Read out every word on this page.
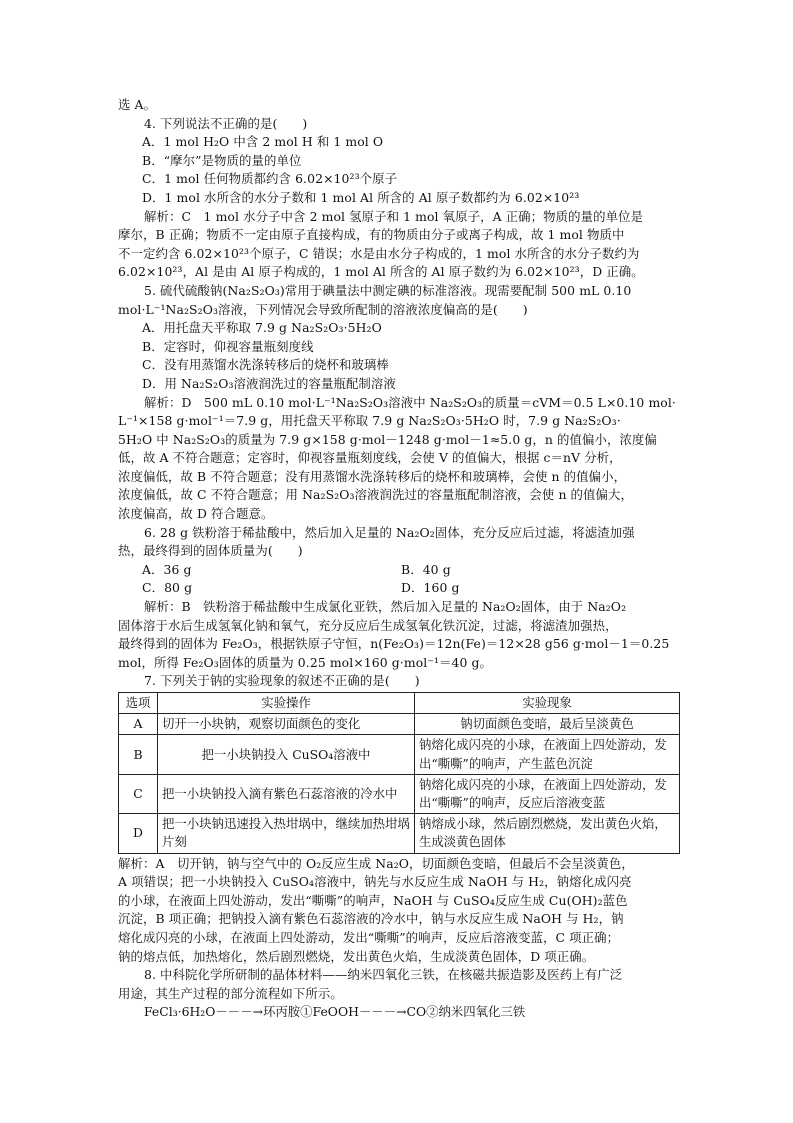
选 A。
4. 下列说法不正确的是(　　)
A．1 mol H₂O 中含 2 mol H 和 1 mol O
B．“摩尔”是物质的量的单位
C．1 mol 任何物质都约含 6.02×10²³个原子
D．1 mol 水所含的水分子数和 1 mol Al 所含的 Al 原子数都约为 6.02×10²³
解析：C　1 mol 水分子中含 2 mol 氢原子和 1 mol 氧原子，A 正确；物质的量的单位是
摩尔，B 正确；物质不一定由原子直接构成，有的物质由分子或离子构成，故 1 mol 物质中
不一定约含 6.02×10²³个原子，C 错误；水是由水分子构成的，1 mol 水所含的水分子数约为
6.02×10²³，Al 是由 Al 原子构成的，1 mol Al 所含的 Al 原子数约为 6.02×10²³，D 正确。
5. 硫代硫酸钠(Na₂S₂O₃)常用于碘量法中测定碘的标准溶液。现需要配制 500 mL 0.10
mol·L⁻¹Na₂S₂O₃溶液，下列情况会导致所配制的溶液浓度偏高的是(　　)
A．用托盘天平称取 7.9 g Na₂S₂O₃·5H₂O
B．定容时，仰视容量瓶刻度线
C．没有用蒸馏水洗涤转移后的烧杯和玻璃棒
D．用 Na₂S₂O₃溶液润洗过的容量瓶配制溶液
解析：D　500 mL 0.10 mol·L⁻¹Na₂S₂O₃溶液中 Na₂S₂O₃的质量＝cVM＝0.5 L×0.10 mol·
L⁻¹×158 g·mol⁻¹＝7.9 g，用托盘天平称取 7.9 g Na₂S₂O₃·5H₂O 时，7.9 g Na₂S₂O₃·
5H₂O 中 Na₂S₂O₃的质量为 7.9 g×158 g·mol－1248 g·mol－1≈5.0 g，n 的值偏小，浓度偏
低，故 A 不符合题意；定容时，仰视容量瓶刻度线，会使 V 的值偏大，根据 c＝nV 分析，
浓度偏低，故 B 不符合题意；没有用蒸馏水洗涤转移后的烧杯和玻璃棒，会使 n 的值偏小，
浓度偏低，故 C 不符合题意；用 Na₂S₂O₃溶液润洗过的容量瓶配制溶液，会使 n 的值偏大，
浓度偏高，故 D 符合题意。
6. 28 g 铁粉溶于稀盐酸中，然后加入足量的 Na₂O₂固体，充分反应后过滤，将滤渣加强
热，最终得到的固体质量为(　　)
A．36 g	B．40 g
C．80 g	D．160 g
解析：B　铁粉溶于稀盐酸中生成氯化亚铁，然后加入足量的 Na₂O₂固体，由于 Na₂O₂
固体溶于水后生成氢氧化钠和氧气，充分反应后生成氢氧化铁沉淀，过滤，将滤渣加强热，
最终得到的固体为 Fe₂O₃，根据铁原子守恒，n(Fe₂O₃)＝12n(Fe)＝12×28 g56 g·mol－1＝0.25
mol，所得 Fe₂O₃固体的质量为 0.25 mol×160 g·mol⁻¹＝40 g。
7. 下列关于钠的实验现象的叙述不正确的是(　　)
选项	实验操作	实验现象
A	切开一小块钠，观察切面颜色的变化	钠切面颜色变暗，最后呈淡黄色
B	把一小块钠投入 CuSO₄溶液中	钠熔化成闪亮的小球，在液面上四处游动，发出“嘶嘶”的响声，产生蓝色沉淀
C	把一小块钠投入滴有紫色石蕊溶液的冷水中	钠熔化成闪亮的小球，在液面上四处游动，发出“嘶嘶”的响声，反应后溶液变蓝
D	把一小块钠迅速投入热坩埚中，继续加热坩埚片刻	钠熔成小球，然后剧烈燃烧，发出黄色火焰，生成淡黄色固体
解析：A　切开钠，钠与空气中的 O₂反应生成 Na₂O，切面颜色变暗，但最后不会呈淡黄色，
A 项错误；把一小块钠投入 CuSO₄溶液中，钠先与水反应生成 NaOH 与 H₂，钠熔化成闪亮
的小球，在液面上四处游动，发出“嘶嘶”的响声，NaOH 与 CuSO₄反应生成 Cu(OH)₂蓝色
沉淀，B 项正确；把钠投入滴有紫色石蕊溶液的冷水中，钠与水反应生成 NaOH 与 H₂，钠
熔化成闪亮的小球，在液面上四处游动，发出“嘶嘶”的响声，反应后溶液变蓝，C 项正确；
钠的熔点低，加热熔化，然后剧烈燃烧，发出黄色火焰，生成淡黄色固体，D 项正确。
8. 中科院化学所研制的晶体材料——纳米四氧化三铁，在核磁共振造影及医药上有广泛
用途，其生产过程的部分流程如下所示。
FeCl₃·6H₂O－－－→环丙胺①FeOOH－－－→CO②纳米四氧化三铁
